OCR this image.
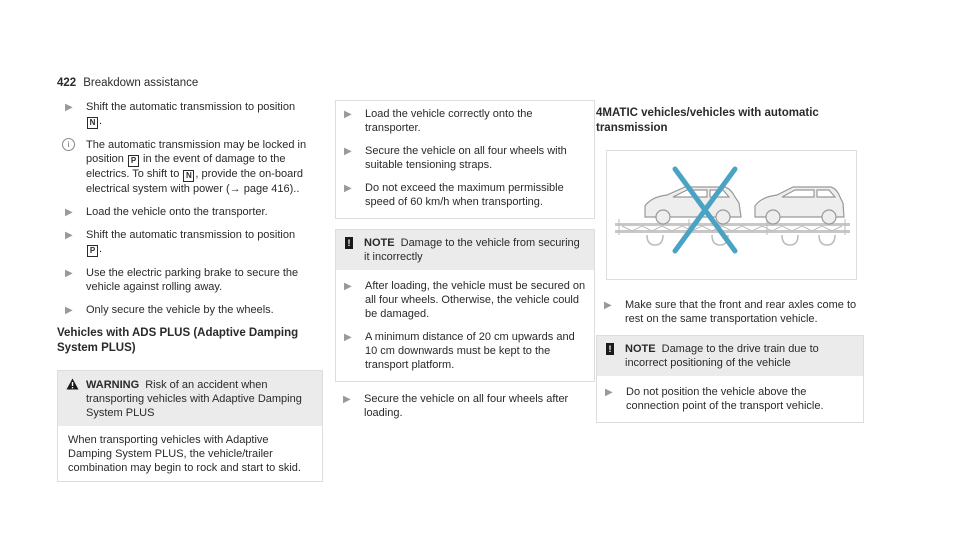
422 Breakdown assistance
▶ Shift the automatic transmission to position
N .
i	The automatic transmission may be locked in position P in the event of damage to the electrics. To shift to N , provide the on-board electrical system with power (→ page 416)..
▶ Load the vehicle onto the transporter.
▶ Shift the automatic transmission to position
P .
▶ Use the electric parking brake to secure the vehicle against rolling away.
▶ Only secure the vehicle by the wheels.
Vehicles with ADS PLUS (Adaptive Damping System PLUS)
WARNING Risk of an accident when transporting vehicles with Adaptive Damping System PLUS
When transporting vehicles with Adaptive Damping System PLUS, the vehicle/trailer combination may begin to rock and start to skid.
▶ Load the vehicle correctly onto the transporter.
▶ Secure the vehicle on all four wheels with suitable tensioning straps.
▶ Do not exceed the maximum permissible speed of 60 km/h when transporting.
! NOTE Damage to the vehicle from securing it incorrectly
▶ After loading, the vehicle must be secured on all four wheels. Otherwise, the vehicle could be damaged.
▶ A minimum distance of 20 cm upwards and 10 cm downwards must be kept to the transport platform.
▶ Secure the vehicle on all four wheels after loading.
4MATIC vehicles/vehicles with automatic transmission
▶ Make sure that the front and rear axles come to rest on the same transportation vehicle.
! NOTE Damage to the drive train due to incorrect positioning of the vehicle
▶ Do not position the vehicle above the connection point of the transport vehicle.
